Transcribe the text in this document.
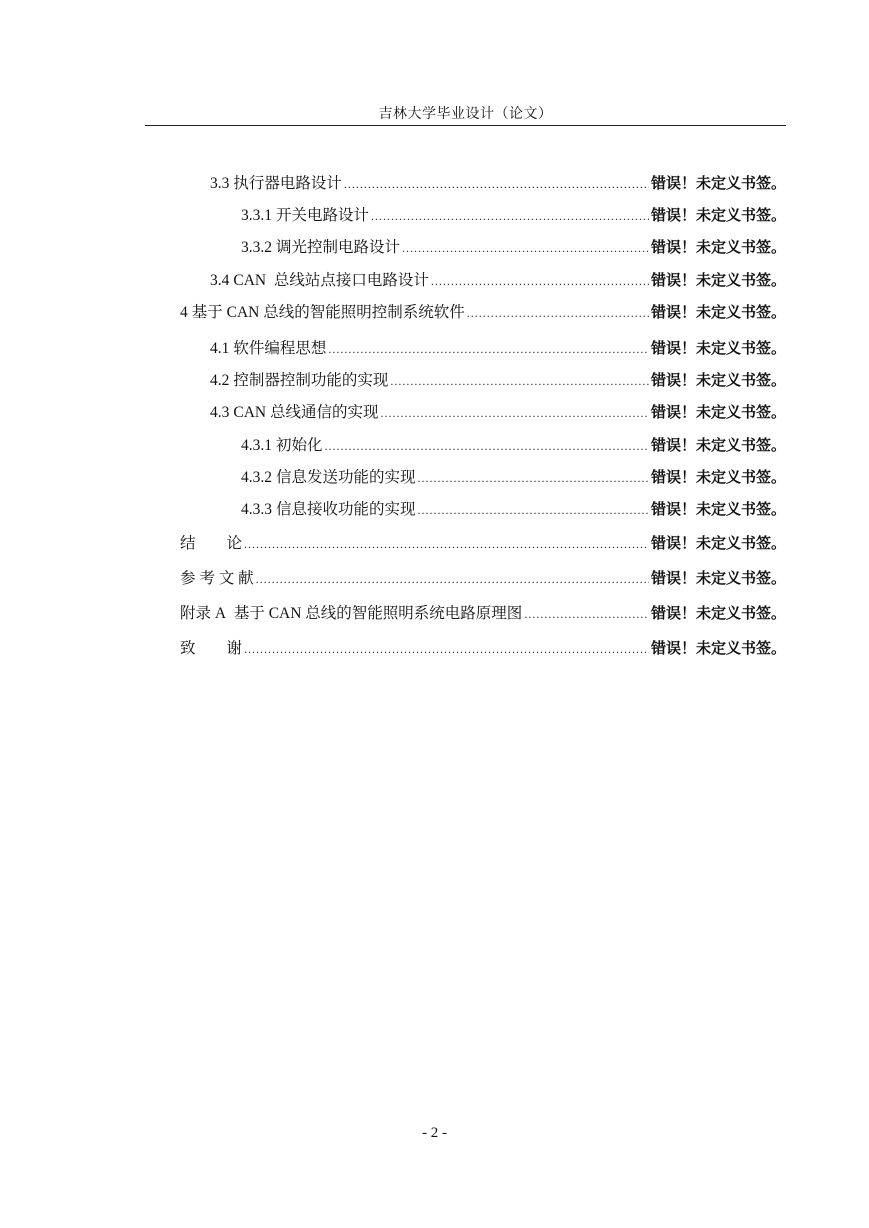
吉林大学毕业设计（论文）
3.3 执行器电路设计 .....	错误！未定义书签。
3.3.1 开关电路设计 .....	错误！未定义书签。
3.3.2 调光控制电路设计 .....	错误！未定义书签。
3.4 CAN  总线站点接口电路设计 .....	错误！未定义书签。
4 基于 CAN 总线的智能照明控制系统软件 .....	错误！未定义书签。
4.1 软件编程思想 .....	错误！未定义书签。
4.2 控制器控制功能的实现 .....	错误！未定义书签。
4.3 CAN 总线通信的实现 .....	错误！未定义书签。
4.3.1 初始化 .....	错误！未定义书签。
4.3.2 信息发送功能的实现 .....	错误！未定义书签。
4.3.3 信息接收功能的实现 .....	错误！未定义书签。
结　　论 .....	错误！未定义书签。
参 考 文 献 .....	错误！未定义书签。
附录 A 基于 CAN 总线的智能照明系统电路原理图 .....	错误！未定义书签。
致　　谢 .....	错误！未定义书签。
- 2 -
